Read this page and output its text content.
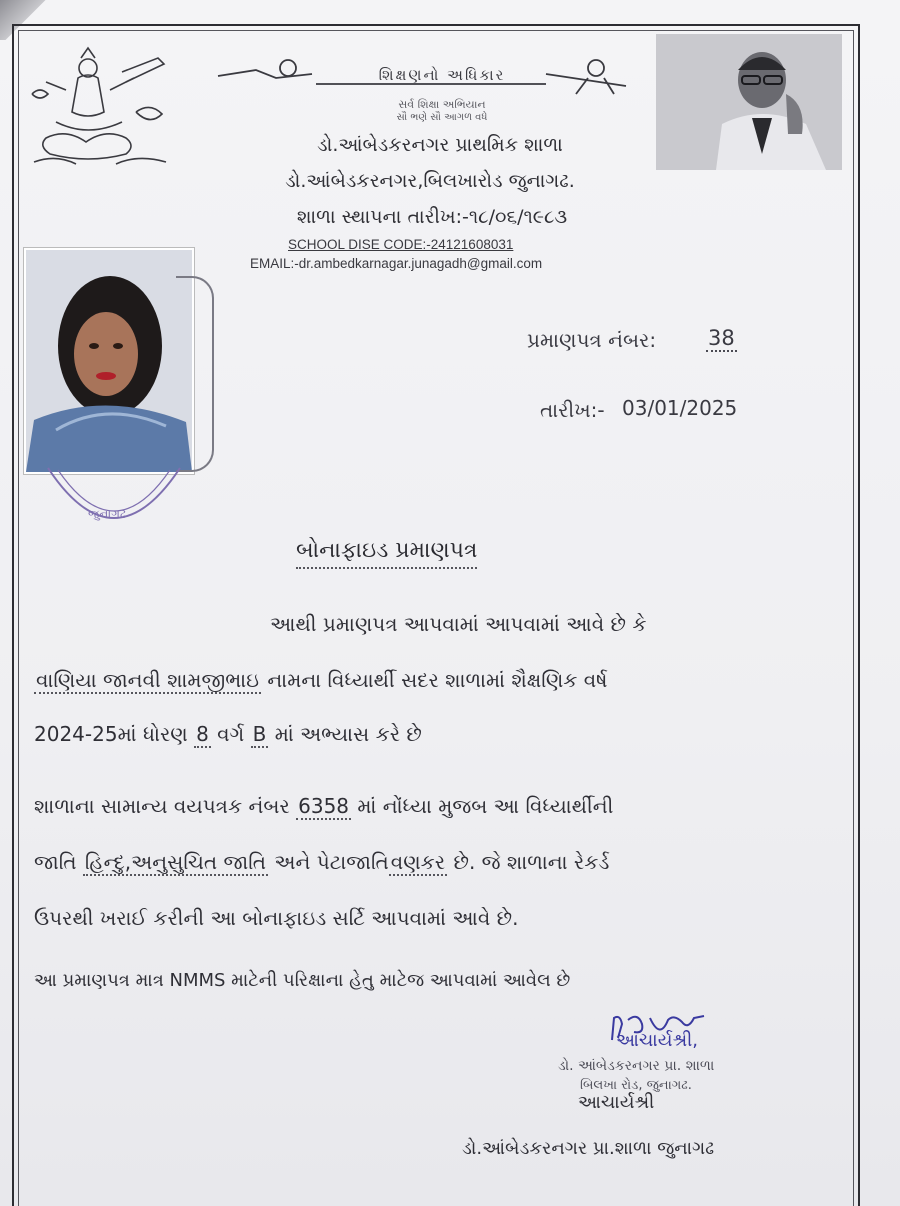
શિક્ષણનો અધિકાર
સર્વ શિક્ષા અભિયાન
સૌ ભણે સૌ આગળ વધે
ડો.આંબેડકરનગર પ્રાથમિક શાળા
ડો.આંબેડકરનગર,બિલખારોડ જુનાગઢ.
શાળા સ્થાપના તારીખ:-૧૮/૦૬/૧૯૮૩
SCHOOL DISE CODE:-24121608031
EMAIL:-dr.ambedkarnagar.junagadh@gmail.com
જુનાગઢ
પ્રમાણપત્ર નંબર: 38
તારીખ:- 03/01/2025
બોનાફાઇડ પ્રમાણપત્ર
આથી પ્રમાણપત્ર આપવામાં આપવામાં આવે છે કે
વાણિયા જાનવી શામજીભાઇ નામના વિધ્યાર્થી સદર શાળામાં શૈક્ષણિક વર્ષ
2024-25માં ધોરણ 8 વર્ગ B માં અભ્યાસ કરે છે
શાળાના સામાન્ય વયપત્રક નંબર 6358 માં નોંધ્યા મુજબ આ વિધ્યાર્થીની
જાતિ હિન્દુ,અનુસુચિત જાતિ અને પેટાજાતિ વણકર છે. જે શાળાના રેકર્ડ
ઉપરથી ખરાઈ કરીની આ બોનાફાઇડ સર્ટિ આપવામાં આવે છે.
આ પ્રમાણપત્ર માત્ર NMMS માટેની પરિક્ષાના હેતુ માટેજ આપવામાં આવેલ છે
આચાર્યશ્રી,
ડો. આંબેડકરનગર પ્રા. શાળા
બિલખા રોડ, જુનાગઢ.
આચાર્યશ્રી
ડો.આંબેડકરનગર પ્રા.શાળા જુનાગઢ
